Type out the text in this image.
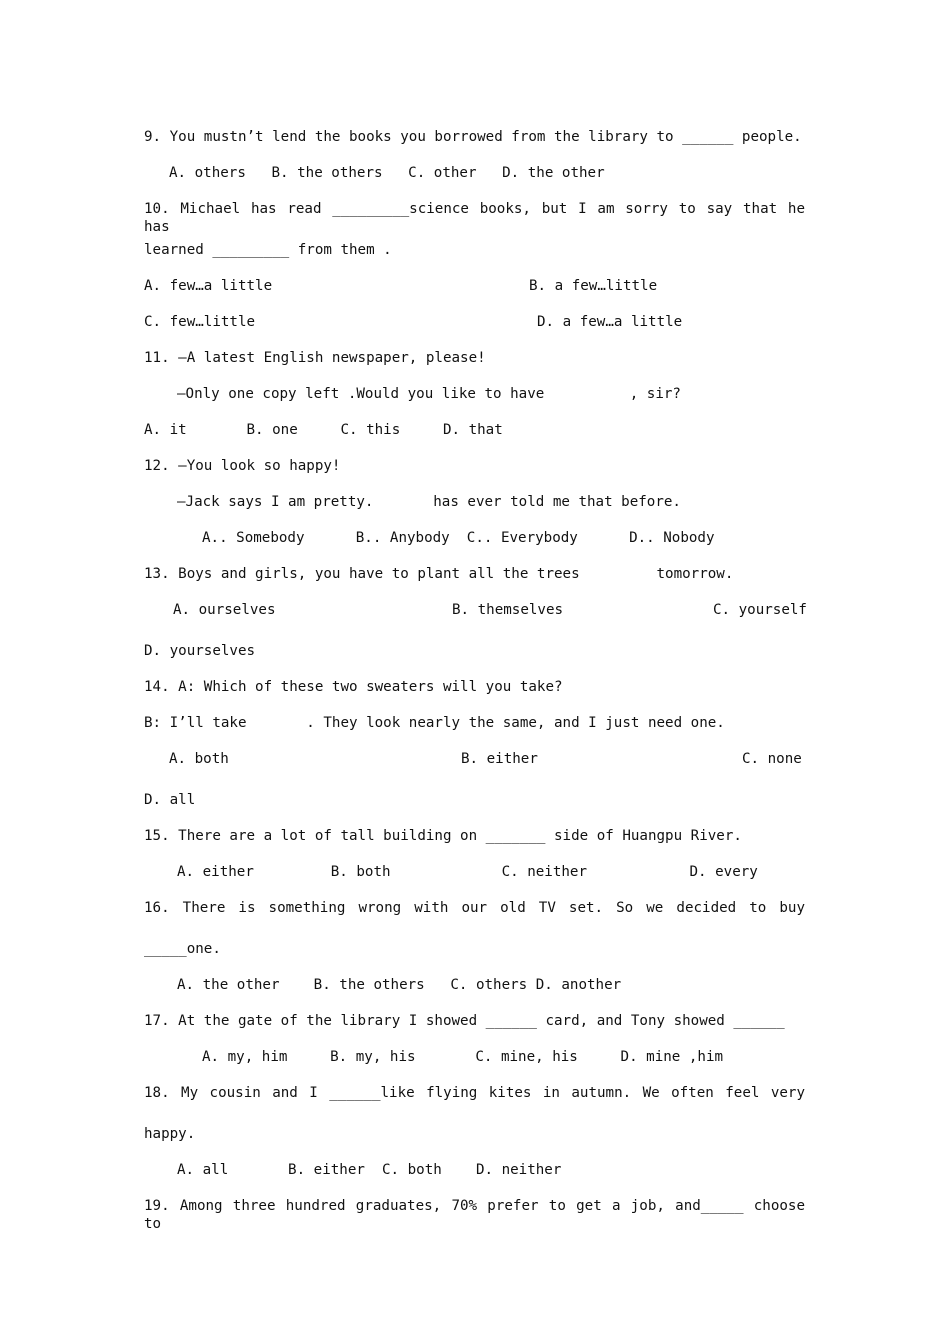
9. You mustn’t lend the books you borrowed from the library to ______ people.
A. others   B. the others   C. other   D. the other
10. Michael has read _________science books, but I am sorry to say that he has
learned _________ from them .
A. few…a little	B. a few…little
C. few…little	D. a few…a little
11. —A latest English newspaper, please!
—Only one copy left .Would you like to have          , sir?
A. it       B. one     C. this     D. that
12. —You look so happy!
—Jack says I am pretty.       has ever told me that before.
A.. Somebody      B.. Anybody  C.. Everybody      D.. Nobody
13. Boys and girls, you have to plant all the trees         tomorrow.
A. ourselves	B. themselves	C. yourself
D. yourselves
14. A: Which of these two sweaters will you take?
B: I’ll take       . They look nearly the same, and I just need one.
A. both	B. either	C. none
D. all
15. There are a lot of tall building on _______ side of Huangpu River.
A. either         B. both             C. neither            D. every
16. There is something wrong with our old TV set. So we decided to buy
_____one.
A. the other    B. the others   C. others D. another
17. At the gate of the library I showed ______ card, and Tony showed ______
A. my, him     B. my, his       C. mine, his     D. mine ,him
18. My cousin and I ______like flying kites in autumn. We often feel very
happy.
A. all       B. either  C. both    D. neither
19. Among three hundred graduates, 70% prefer to get a job, and_____ choose to
